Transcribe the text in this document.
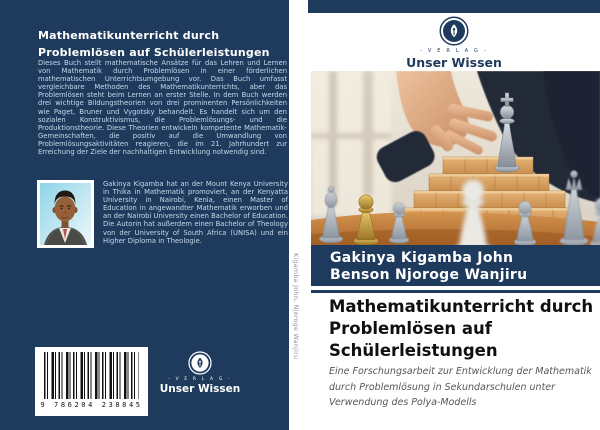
Mathematikunterricht durch
Problemlösen auf Schülerleistungen

Dieses Buch stellt mathematische Ansätze für das Lehren und Lernen von Mathematik durch Problemlösen in einer förderlichen mathematischen Unterrichtsumgebung vor. Das Buch umfasst vergleichbare Methoden des Mathematikunterrichts, aber das Problemlösen steht beim Lernen an erster Stelle. In dem Buch werden drei wichtige Bildungstheorien von drei prominenten Persönlichkeiten wie Paget, Bruner und Vygotsky behandelt. Es handelt sich um den sozialen Konstruktivismus, die Problemlösungs- und die Produktionstheorie. Diese Theorien entwickeln kompetente Mathematik-Gemeinschaften, die positiv auf die Umwandlung von Problemlösungsaktivitäten reagieren, die im 21. Jahrhundert zur Erreichung der Ziele der nachhaltigen Entwicklung notwendig sind.

Gakinya Kigamba hat an der Mount Kenya University in Thika in Mathematik promoviert, an der Kenyatta University in Nairobi, Kenia, einen Master of Education in angewandter Mathematik erworben und an der Nairobi University einen Bachelor of Education. Die Autorin hat außerdem einen Bachelor of Theology von der University of South Africa (UNISA) und ein Higher Diploma in Theologie.

9 786204 238845
- V E R L A G -
Unser Wissen
Kigamba John, Njoroge Wanjiru
- V E R L A G -
Unser Wissen
Gakinya Kigamba John
Benson Njoroge Wanjiru
Mathematikunterricht durch
Problemlösen auf
Schülerleistungen

Eine Forschungsarbeit zur Entwicklung der Mathematik durch Problemlösung in Sekundarschulen unter Verwendung des Polya-Modells
